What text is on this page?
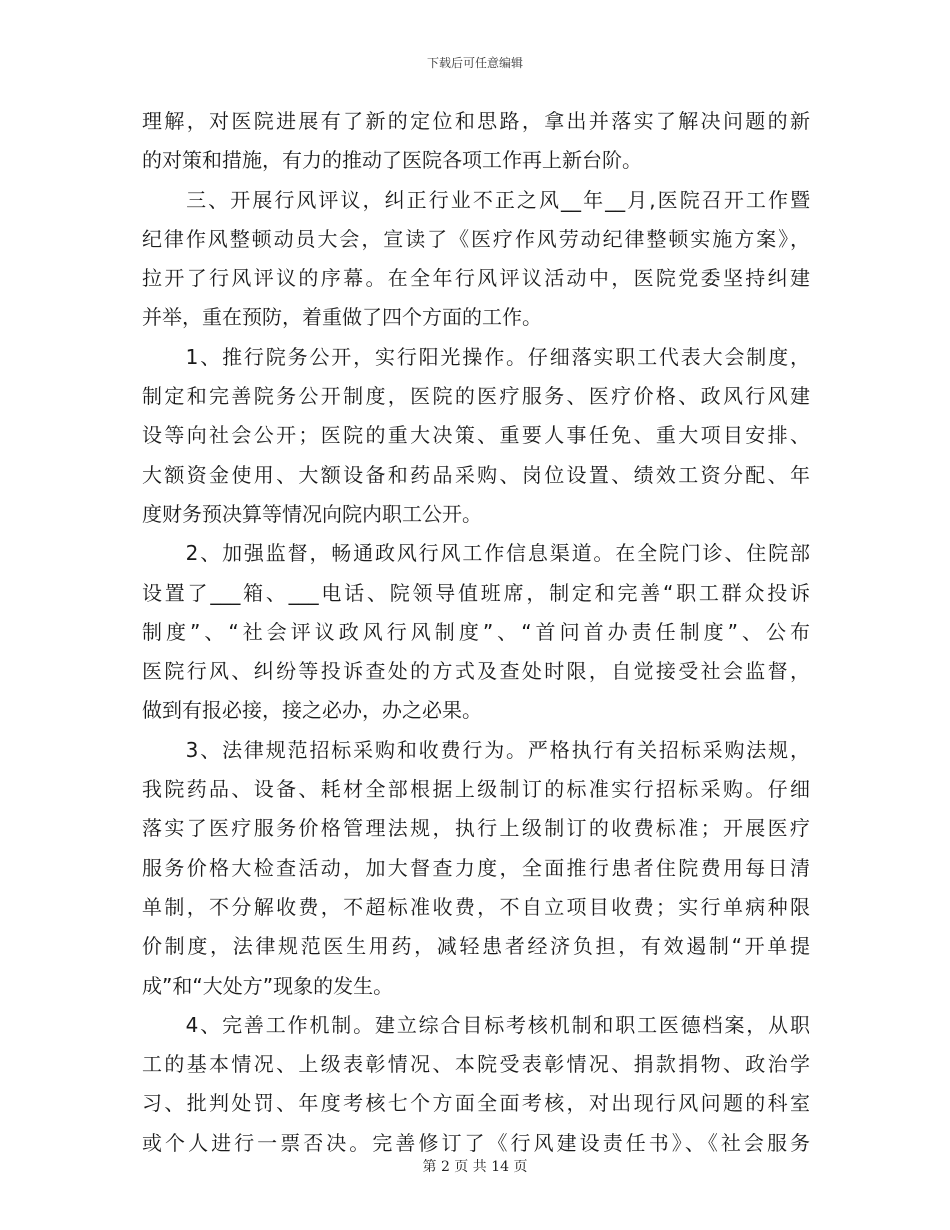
下载后可任意编辑
理解，对医院进展有了新的定位和思路，拿出并落实了解决问题的新
的对策和措施，有力的推动了医院各项工作再上新台阶。
　　三、开展行风评议，纠正行业不正之风__年__月,医院召开工作暨
纪律作风整顿动员大会，宣读了《医疗作风劳动纪律整顿实施方案》，
拉开了行风评议的序幕。在全年行风评议活动中，医院党委坚持纠建
并举，重在预防，着重做了四个方面的工作。
　　1、推行院务公开，实行阳光操作。仔细落实职工代表大会制度，
制定和完善院务公开制度，医院的医疗服务、医疗价格、政风行风建
设等向社会公开；医院的重大决策、重要人事任免、重大项目安排、
大额资金使用、大额设备和药品采购、岗位设置、绩效工资分配、年
度财务预决算等情况向院内职工公开。
　　2、加强监督，畅通政风行风工作信息渠道。在全院门诊、住院部
设置了___箱、___电话、院领导值班席，制定和完善“职工群众投诉
制度”、“社会评议政风行风制度”、“首问首办责任制度”、公布
医院行风、纠纷等投诉查处的方式及查处时限，自觉接受社会监督，
做到有报必接，接之必办，办之必果。
　　3、法律规范招标采购和收费行为。严格执行有关招标采购法规，
我院药品、设备、耗材全部根据上级制订的标准实行招标采购。仔细
落实了医疗服务价格管理法规，执行上级制订的收费标准；开展医疗
服务价格大检查活动，加大督查力度，全面推行患者住院费用每日清
单制，不分解收费，不超标准收费，不自立项目收费；实行单病种限
价制度，法律规范医生用药，减轻患者经济负担，有效遏制“开单提
成”和“大处方”现象的发生。
　　4、完善工作机制。建立综合目标考核机制和职工医德档案，从职
工的基本情况、上级表彰情况、本院受表彰情况、捐款捐物、政治学
习、批判处罚、年度考核七个方面全面考核，对出现行风问题的科室
或个人进行一票否决。完善修订了《行风建设责任书》、《社会服务
第 2 页 共 14 页
